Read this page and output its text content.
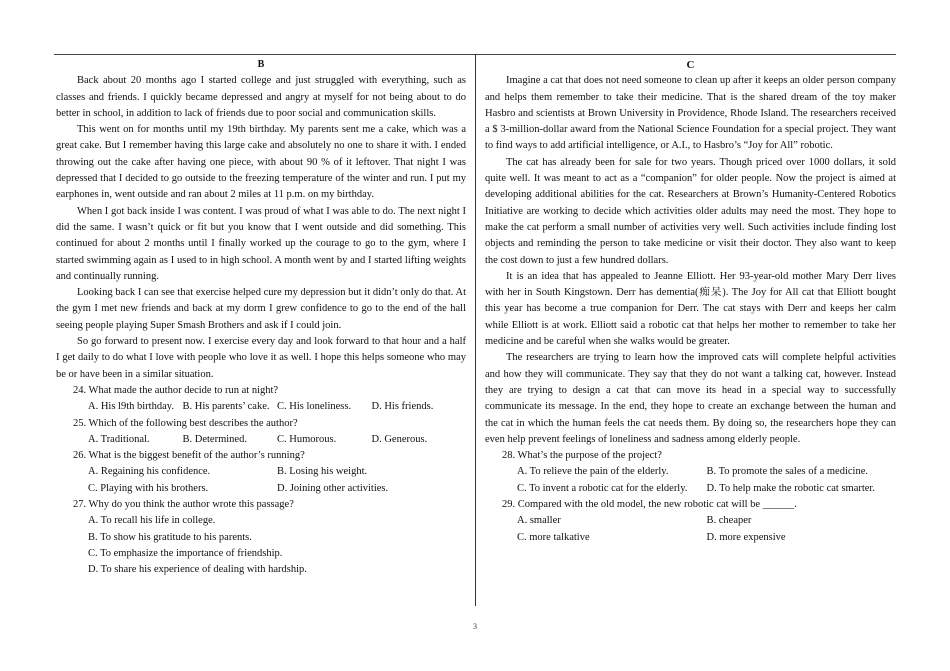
B

Back about 20 months ago I started college and just struggled with everything, such as classes and friends. I quickly became depressed and angry at myself for not being about to do better in school, in addition to lack of friends due to poor social and communication skills.

This went on for months until my 19th birthday. My parents sent me a cake, which was a great cake. But I remember having this large cake and absolutely no one to share it with. I ended throwing out the cake after having one piece, with about 90 % of it leftover. That night I was depressed that I decided to go outside to the freezing temperature of the winter and run. I put my earphones in, went outside and ran about 2 miles at 11 p.m. on my birthday.

When I got back inside I was content. I was proud of what I was able to do. The next night I did the same. I wasn’t quick or fit but you know that I went outside and did something. This continued for about 2 months until I finally worked up the courage to go to the gym, where I started swimming again as I used to in high school. A month went by and I started lifting weights and continually running.

Looking back I can see that exercise helped cure my depression but it didn’t only do that. At the gym I met new friends and back at my dorm I grew confidence to go to the end of the hall seeing people playing Super Smash Brothers and ask if I could join.

So go forward to present now. I exercise every day and look forward to that hour and a half I get daily to do what I love with people who love it as well. I hope this helps someone who may be or have been in a similar situation.

24. What made the author decide to run at night?

A. His l9th birthday. B. His parents’ cake. C. His loneliness.	D. His friends.

25. Which of the following best describes the author?

A. Traditional.	B. Determined.	C. Humorous.	D. Generous.

26. What is the biggest benefit of the author’s running?

A. Regaining his confidence.	B. Losing his weight.
C. Playing with his brothers.	D. Joining other activities.

27. Why do you think the author wrote this passage?

A. To recall his life in college.
B. To show his gratitude to his parents.
C. To emphasize the importance of friendship.
D. To share his experience of dealing with hardship.
C

Imagine a cat that does not need someone to clean up after it keeps an older person company and helps them remember to take their medicine. That is the shared dream of the toy maker Hasbro and scientists at Brown University in Providence, Rhode Island. The researchers received a $ 3-million-dollar award from the National Science Foundation for a special project. They want to find ways to add artificial intelligence, or A.I., to Hasbro’s “Joy for All” robotic.

The cat has already been for sale for two years. Though priced over 1000 dollars, it sold quite well. It was meant to act as a “companion” for older people. Now the project is aimed at developing additional abilities for the cat. Researchers at Brown’s Humanity-Centered Robotics Initiative are working to decide which activities older adults may need the most. They hope to make the cat perform a small number of activities very well. Such activities include finding lost objects and reminding the person to take medicine or visit their doctor. They also want to keep the cost down to just a few hundred dollars.

It is an idea that has appealed to Jeanne Elliott. Her 93-year-old mother Mary Derr lives with her in South Kingstown. Derr has dementia(痴呆). The Joy for All cat that Elliott bought this year has become a true companion for Derr. The cat stays with Derr and keeps her calm while Elliott is at work. Elliott said a robotic cat that helps her mother to remember to take her medicine and be careful when she walks would be greater.

The researchers are trying to learn how the improved cats will complete helpful activities and how they will communicate. They say that they do not want a talking cat, however. Instead they are trying to design a cat that can move its head in a special way to successfully communicate its message. In the end, they hope to create an exchange between the human and the cat in which the human feels the cat needs them. By doing so, the researchers hope they can even help prevent feelings of loneliness and sadness among elderly people.

28. What’s the purpose of the project?

A. To relieve the pain of the elderly.	B. To promote the sales of a medicine.
C. To invent a robotic cat for the elderly.	D. To help make the robotic cat smarter.

29. Compared with the old model, the new robotic cat will be ______.

A. smaller	B. cheaper
C. more talkative	D. more expensive
3
